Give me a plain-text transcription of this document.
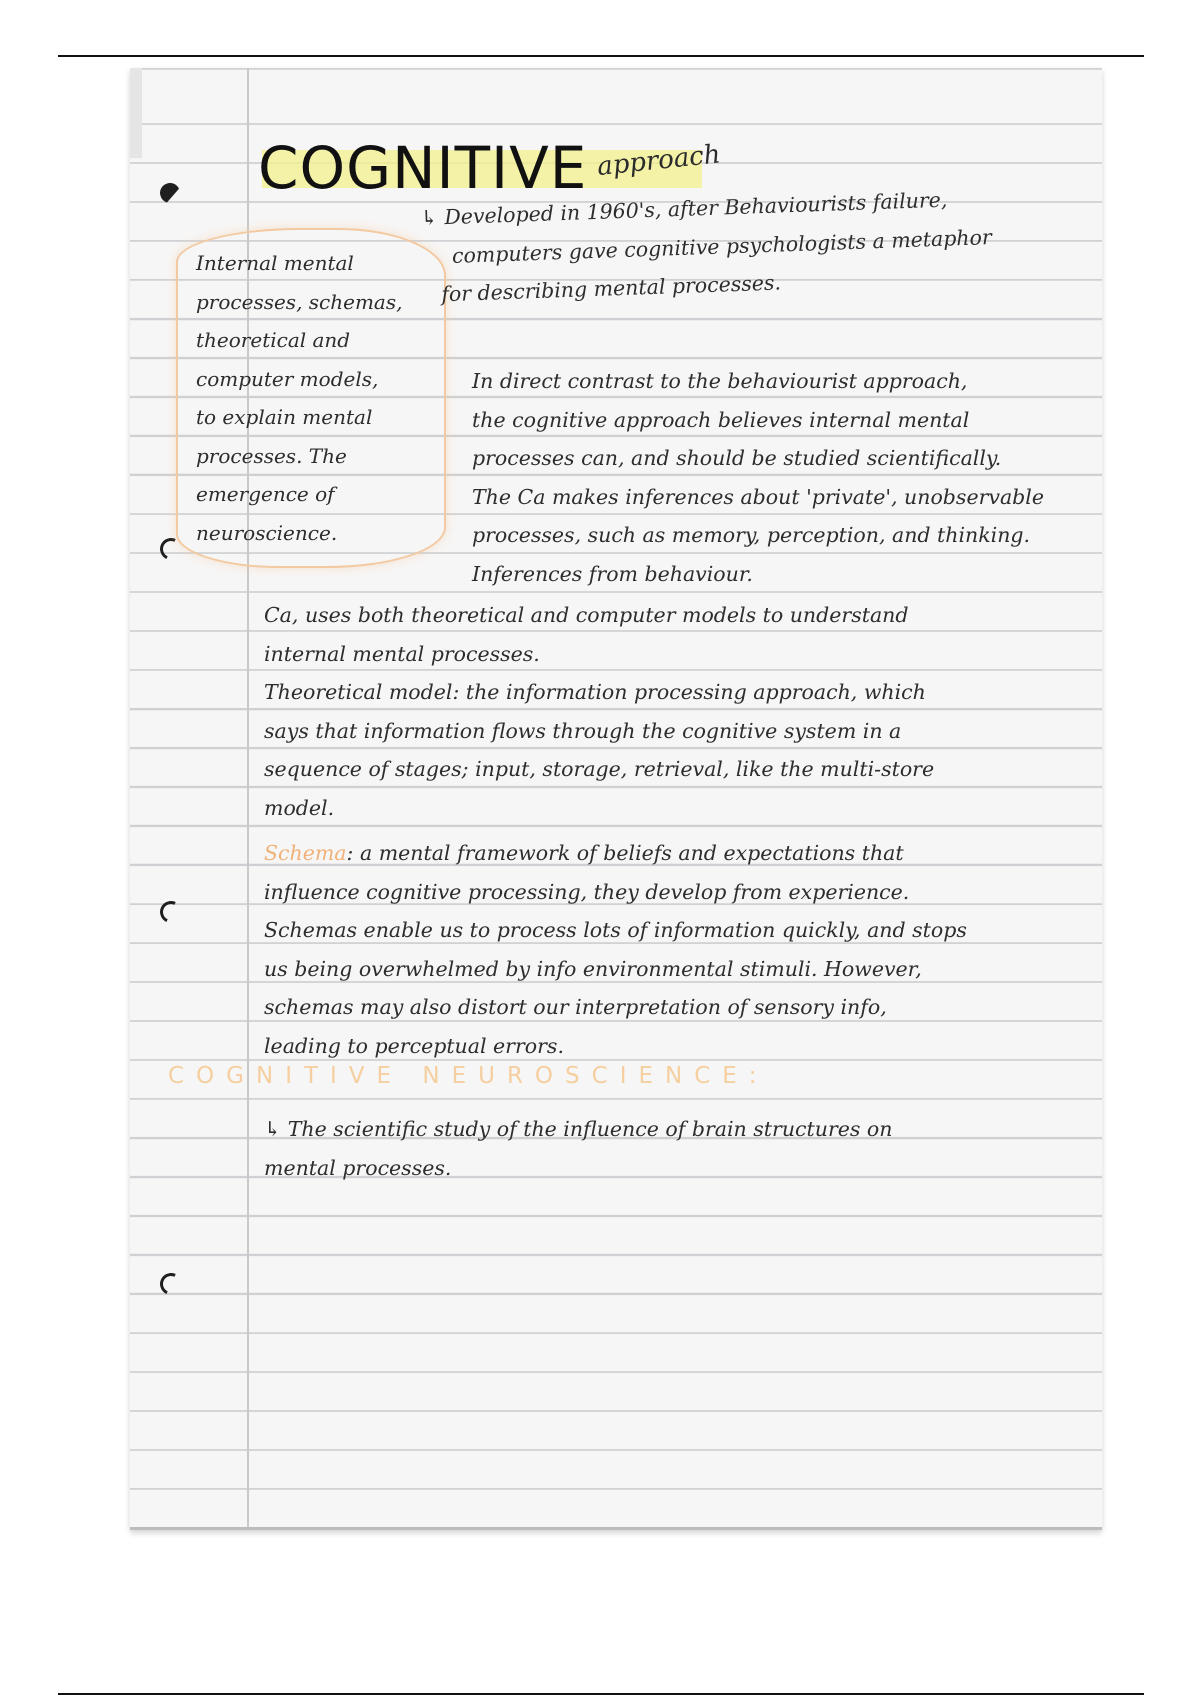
COGNITIVE approach
Internal mental
processes, schemas,
theoretical and
computer models,
to explain mental
processes. The
emergence of
neuroscience.
↳ Developed in 1960's, after Behaviourists failure,
computers gave cognitive psychologists a metaphor
for describing mental processes.
In direct contrast to the behaviourist approach,
the cognitive approach believes internal mental
processes can, and should be studied scientifically.
The Ca makes inferences about 'private', unobservable
processes, such as memory, perception, and thinking.
Inferences from behaviour.
Ca, uses both theoretical and computer models to understand
internal mental processes.
Theoretical model: the information processing approach, which
says that information flows through the cognitive system in a
sequence of stages; input, storage, retrieval, like the multi-store
model.
Schema: a mental framework of beliefs and expectations that
influence cognitive processing, they develop from experience.
Schemas enable us to process lots of information quickly, and stops
us being overwhelmed by info environmental stimuli. However,
schemas may also distort our interpretation of sensory info,
leading to perceptual errors.
COGNITIVE NEUROSCIENCE:
↳ The scientific study of the influence of brain structures on
mental processes.
